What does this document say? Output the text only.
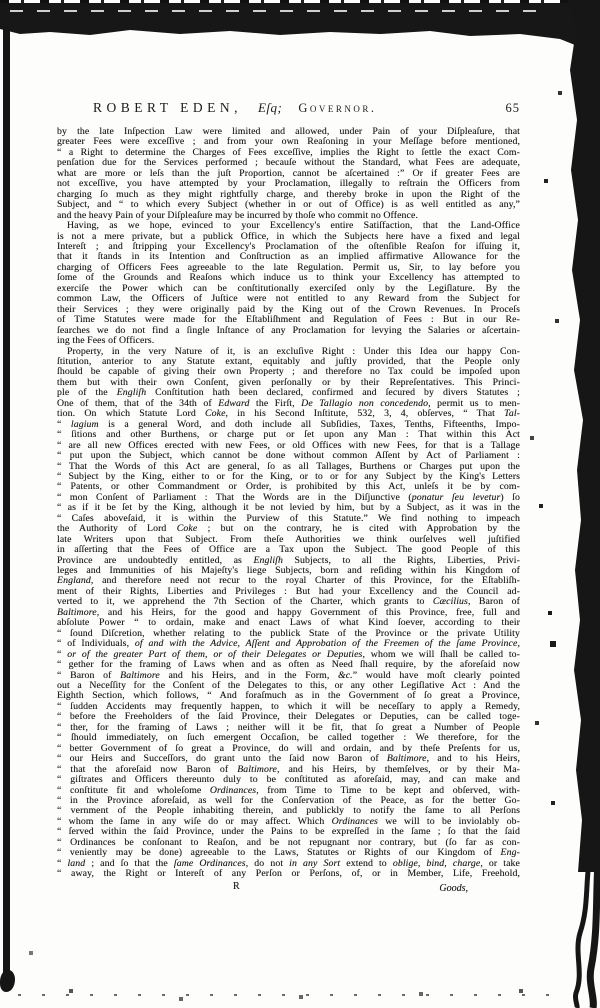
ROBERT EDEN, Eſq; Governor.	65
by the late Inſpection Law were limited and allowed, under Pain of your Diſpleaſure, that
greater Fees were exceſſive ; and from your own Reaſoning in your Meſſage before mentioned,
“ a Right to determine the Charges of Fees exceſſive, implies the Right to ſettle the exact Com-
penſation due for the Services performed ; becauſe without the Standard, what Fees are adequate,
what are more or leſs than the juſt Proportion, cannot be aſcertained :” Or if greater Fees are
not exceſſive, you have attempted by your Proclamation, illegally to reſtrain the Officers from
charging ſo much as they might rightfully charge, and thereby broke in upon the Right of the
Subject, and “ to which every Subject (whether in or out of Office) is as well entitled as any,”
and the heavy Pain of your Diſpleaſure may be incurred by thoſe who commit no Offence.
Having, as we hope, evinced to your Excellency's entire Satiſfaction, that the Land-Office
is not a mere private, but a publick Office, in which the Subjects here have a fixed and legal
Intereſt ; and ſtripping your Excellency's Proclamation of the oſtenſible Reaſon for iſſuing it,
that it ſtands in its Intention and Conſtruction as an implied affirmative Allowance for the
charging of Officers Fees agreeable to the late Regulation. Permit us, Sir, to lay before you
ſome of the Grounds and Reaſons which induce us to think your Excellency has attempted to
exerciſe the Power which can be conſtitutionally exerciſed only by the Legiſlature. By the
common Law, the Officers of Juſtice were not entitled to any Reward from the Subject for
their Services ; they were originally paid by the King out of the Crown Revenues. In Proceſs
of Time Statutes were made for the Eſtabliſhment and Regulation of Fees : But in our Re-
ſearches we do not find a ſingle Inſtance of any Proclamation for levying the Salaries or aſcertain-
ing the Fees of Officers.
Property, in the very Nature of it, is an excluſive Right : Under this Idea our happy Con-
ſtitution, anterior to any Statute extant, equitably and juſtly provided, that the People only
ſhould be capable of giving their own Property ; and therefore no Tax could be impoſed upon
them but with their own Conſent, given perſonally or by their Repreſentatives. This Princi-
ple of the Engliſh Conſtitution hath been declared, confirmed and ſecured by divers Statutes ;
One of them, that of the 34th of Edward the Firſt, De Tallagio non concedendo, permit us to men-
tion. On which Statute Lord Coke, in his Second Inſtitute, 532, 3, 4, obſerves, “ That Tal-
“ lagium is a general Word, and doth include all Subſidies, Taxes, Tenths, Fifteenths, Impo-
“ ſitions and other Burthens, or charge put or ſet upon any Man : That within this Act
“ are all new Offices erected with new Fees, or old Offices with new Fees, for that is a Tallage
“ put upon the Subject, which cannot be done without common Aſſent by Act of Parliament :
“ That the Words of this Act are general, ſo as all Tallages, Burthens or Charges put upon the
“ Subject by the King, either to or for the King, or to or for any Subject by the King's Letters
“ Patents, or other Commandment or Order, is prohibited by this Act, unleſs it be by com-
“ mon Conſent of Parliament : That the Words are in the Diſjunctive (ponatur ſeu levetur) ſo
“ as if it be ſet by the King, although it be not levied by him, but by a Subject, as it was in the
“ Caſes aboveſaid, it is within the Purview of this Statute.” We find nothing to impeach
the Authority of Lord Coke ; but on the contrary, he is cited with Approbation by the
late Writers upon that Subject. From theſe Authorities we think ourſelves well juſtified
in aſſerting that the Fees of Office are a Tax upon the Subject. The good People of this
Province are undoubtedly entitled, as Engliſh Subjects, to all the Rights, Liberties, Privi-
leges and Immunities of his Majeſty's liege Subjects, born and reſiding within his Kingdom of
England, and therefore need not recur to the royal Charter of this Province, for the Eſtabliſh-
ment of their Rights, Liberties and Privileges : But had your Excellency and the Council ad-
verted to it, we apprehend the 7th Section of the Charter, which grants to Cæcilius, Baron of
Baltimore, and his Heirs, for the good and happy Government of this Province, free, full and
abſolute Power “ to ordain, make and enact Laws of what Kind ſoever, according to their
“ ſound Diſcretion, whether relating to the publick State of the Province or the private Utility
“ of Individuals, of and with the Advice, Aſſent and Approbation of the Freemen of the ſame Province,
“ or of the greater Part of them, or of their Delegates or Deputies, whom we will ſhall be called to-
“ gether for the framing of Laws when and as often as Need ſhall require, by the aforeſaid now
“ Baron of Baltimore and his Heirs, and in the Form, &c.” would have moſt clearly pointed
out a Neceſſity for the Conſent of the Delegates to this, or any other Legiſlative Act : And the
Eighth Section, which follows, “ And foraſmuch as in the Government of ſo great a Province,
“ ſudden Accidents may frequently happen, to which it will be neceſſary to apply a Remedy,
“ before the Freeholders of the ſaid Province, their Delegates or Deputies, can be called toge-
“ ther, for the framing of Laws ; neither will it be fit, that ſo great a Number of People
“ ſhould immediately, on ſuch emergent Occaſion, be called together : We therefore, for the
“ better Government of ſo great a Province, do will and ordain, and by theſe Preſents for us,
“ our Heirs and Succeſſors, do grant unto the ſaid now Baron of Baltimore, and to his Heirs,
“ that the aforeſaid now Baron of Baltimore, and his Heirs, by themſelves, or by their Ma-
“ giſtrates and Officers thereunto duly to be conſtituted as aforeſaid, may, and can make and
“ conſtitute fit and wholeſome Ordinances, from Time to Time to be kept and obſerved, with-
“ in the Province aforeſaid, as well for the Conſervation of the Peace, as for the better Go-
“ vernment of the People inhabiting therein, and publickly to notify the ſame to all Perſons
“ whom the ſame in any wiſe do or may affect. Which Ordinances we will to be inviolably ob-
“ ſerved within the ſaid Province, under the Pains to be expreſſed in the ſame ; ſo that the ſaid
“ Ordinances be conſonant to Reaſon, and be not repugnant nor contrary, but (ſo far as con-
“ veniently may be done) agreeable to the Laws, Statutes or Rights of our Kingdom of Eng-
“ land ; and ſo that the ſame Ordinances, do not in any Sort extend to oblige, bind, charge, or take
“ away, the Right or Intereſt of any Perſon or Perſons, of, or in Member, Life, Freehold,
R	Goods,
